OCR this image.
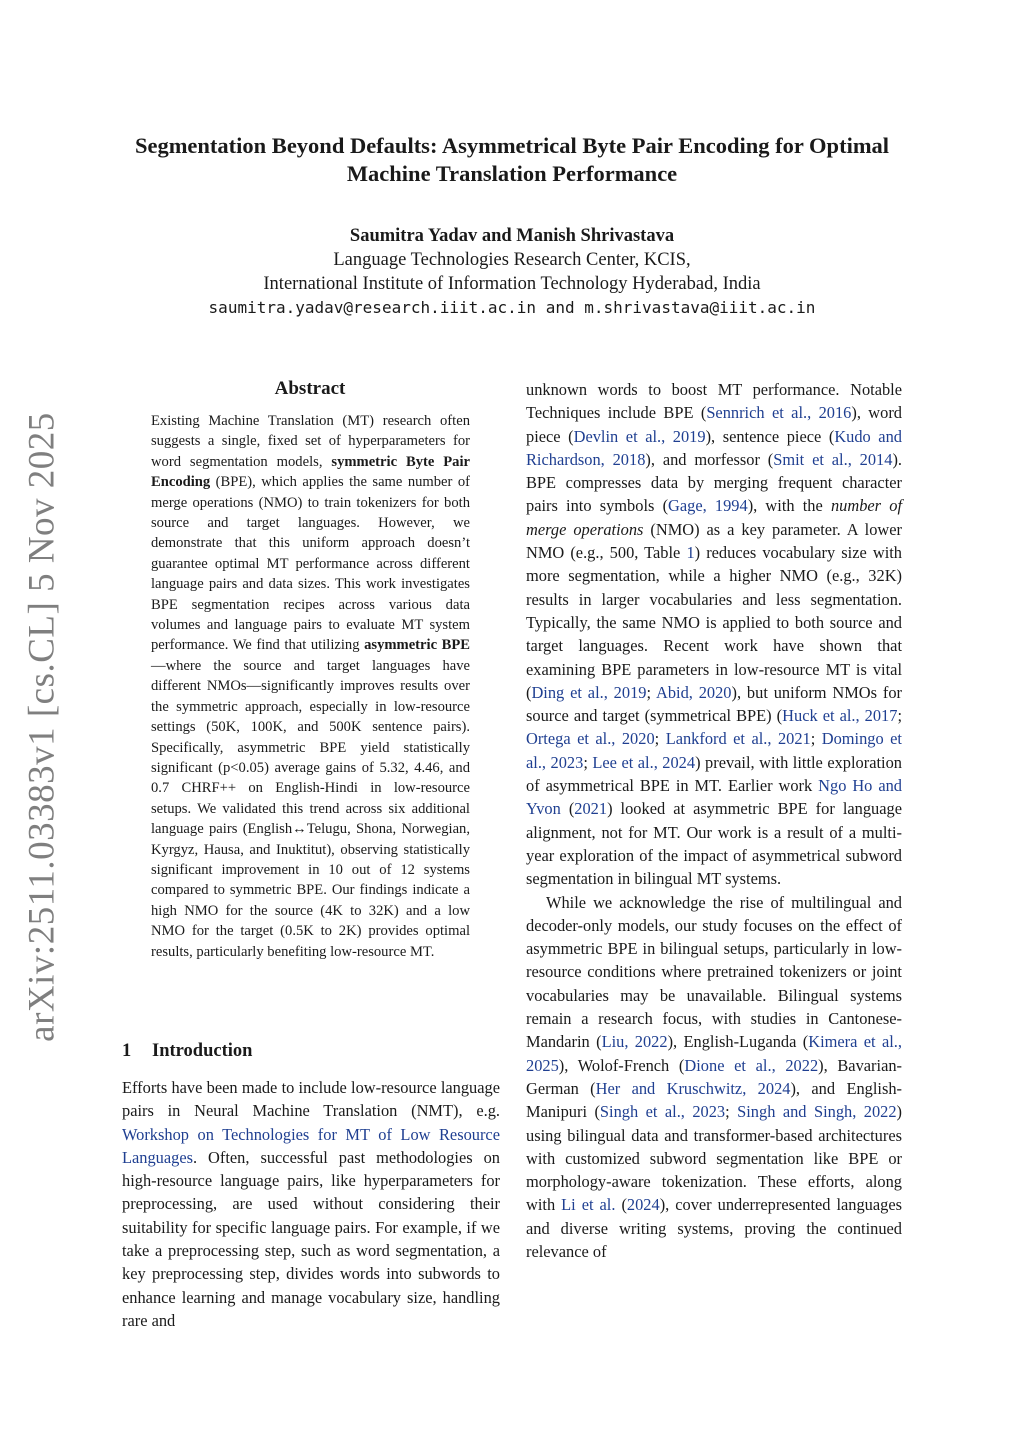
arXiv:2511.03383v1 [cs.CL] 5 Nov 2025
Segmentation Beyond Defaults: Asymmetrical Byte Pair Encoding for Optimal Machine Translation Performance
Saumitra Yadav and Manish Shrivastava
Language Technologies Research Center, KCIS,
International Institute of Information Technology Hyderabad, India
saumitra.yadav@research.iiit.ac.in and m.shrivastava@iiit.ac.in
Abstract

Existing Machine Translation (MT) research often suggests a single, fixed set of hyperparameters for word segmentation models, symmetric Byte Pair Encoding (BPE), which applies the same number of merge operations (NMO) to train tokenizers for both source and target languages. However, we demonstrate that this uniform approach doesn’t guarantee optimal MT performance across different language pairs and data sizes. This work investigates BPE segmentation recipes across various data volumes and language pairs to evaluate MT system performance. We find that utilizing asymmetric BPE—where the source and target languages have different NMOs—significantly improves results over the symmetric approach, especially in low-resource settings (50K, 100K, and 500K sentence pairs). Specifically, asymmetric BPE yield statistically significant (p<0.05) average gains of 5.32, 4.46, and 0.7 CHRF++ on English-Hindi in low-resource setups. We validated this trend across six additional language pairs (English↔Telugu, Shona, Norwegian, Kyrgyz, Hausa, and Inuktitut), observing statistically significant improvement in 10 out of 12 systems compared to symmetric BPE. Our findings indicate a high NMO for the source (4K to 32K) and a low NMO for the target (0.5K to 2K) provides optimal results, particularly benefiting low-resource MT.

1 Introduction

Efforts have been made to include low-resource language pairs in Neural Machine Translation (NMT), e.g. Workshop on Technologies for MT of Low Resource Languages. Often, successful past methodologies on high-resource language pairs, like hyperparameters for preprocessing, are used without considering their suitability for specific language pairs. For example, if we take a preprocessing step, such as word segmentation, a key preprocessing step, divides words into subwords to enhance learning and manage vocabulary size, handling rare and

unknown words to boost MT performance. Notable Techniques include BPE (Sennrich et al., 2016), word piece (Devlin et al., 2019), sentence piece (Kudo and Richardson, 2018), and morfessor (Smit et al., 2014). BPE compresses data by merging frequent character pairs into symbols (Gage, 1994), with the number of merge operations (NMO) as a key parameter. A lower NMO (e.g., 500, Table 1) reduces vocabulary size with more segmentation, while a higher NMO (e.g., 32K) results in larger vocabularies and less segmentation. Typically, the same NMO is applied to both source and target languages. Recent work have shown that examining BPE parameters in low-resource MT is vital (Ding et al., 2019; Abid, 2020), but uniform NMOs for source and target (symmetrical BPE) (Huck et al., 2017; Ortega et al., 2020; Lankford et al., 2021; Domingo et al., 2023; Lee et al., 2024) prevail, with little exploration of asymmetrical BPE in MT. Earlier work Ngo Ho and Yvon (2021) looked at asymmetric BPE for language alignment, not for MT. Our work is a result of a multi-year exploration of the impact of asymmetrical subword segmentation in bilingual MT systems.

While we acknowledge the rise of multilingual and decoder-only models, our study focuses on the effect of asymmetric BPE in bilingual setups, particularly in low-resource conditions where pretrained tokenizers or joint vocabularies may be unavailable. Bilingual systems remain a research focus, with studies in Cantonese-Mandarin (Liu, 2022), English-Luganda (Kimera et al., 2025), Wolof-French (Dione et al., 2022), Bavarian-German (Her and Kruschwitz, 2024), and English-Manipuri (Singh et al., 2023; Singh and Singh, 2022) using bilingual data and transformer-based architectures with customized subword segmentation like BPE or morphology-aware tokenization. These efforts, along with Li et al. (2024), cover underrepresented languages and diverse writing systems, proving the continued relevance of
